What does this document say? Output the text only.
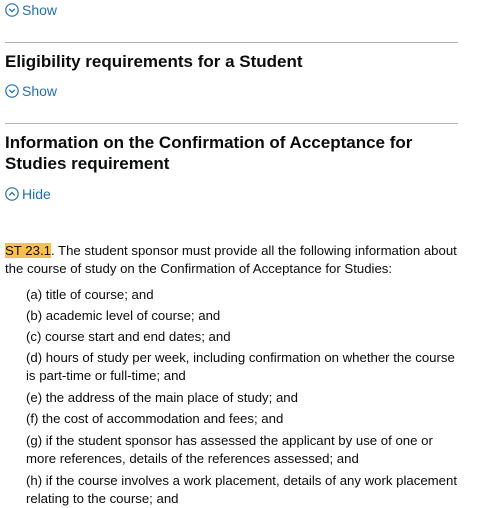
Show
Eligibility requirements for a Student
Show
Information on the Confirmation of Acceptance for Studies requirement
Hide

ST 23.1. The student sponsor must provide all the following information about the course of study on the Confirmation of Acceptance for Studies:

(a) title of course; and
(b) academic level of course; and
(c) course start and end dates; and
(d) hours of study per week, including confirmation on whether the course is part-time or full-time; and
(e) the address of the main place of study; and
(f) the cost of accommodation and fees; and
(g) if the student sponsor has assessed the applicant by use of one or more references, details of the references assessed; and
(h) if the course involves a work placement, details of any work placement relating to the course; and
